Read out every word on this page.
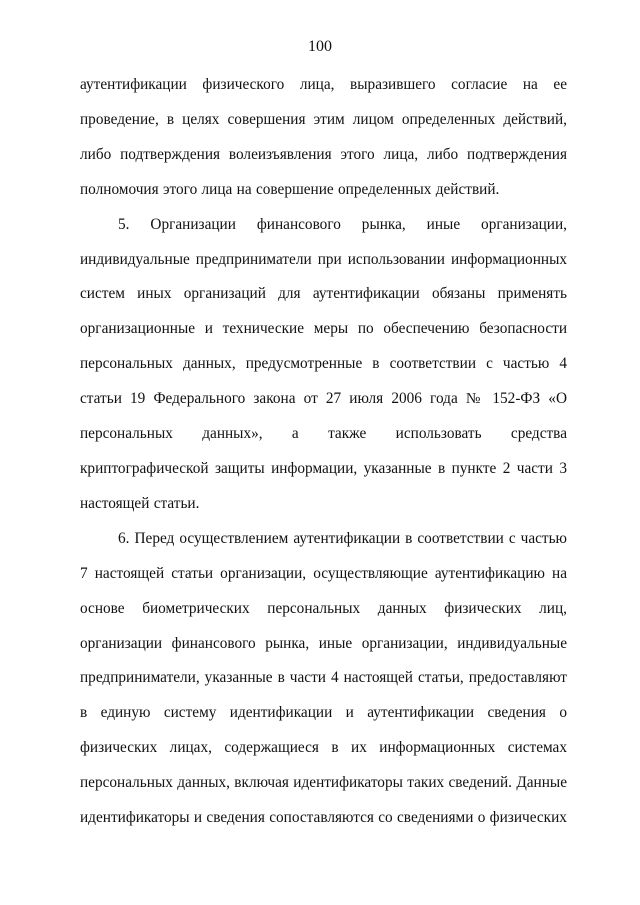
100

аутентификации физического лица, выразившего согласие на ее проведение, в целях совершения этим лицом определенных действий, либо подтверждения волеизъявления этого лица, либо подтверждения полномочия этого лица на совершение определенных действий.

5. Организации финансового рынка, иные организации, индивидуальные предприниматели при использовании информационных систем иных организаций для аутентификации обязаны применять организационные и технические меры по обеспечению безопасности персональных данных, предусмотренные в соответствии с частью 4 статьи 19 Федерального закона от 27 июля 2006 года № 152-ФЗ «О персональных данных», а также использовать средства криптографической защиты информации, указанные в пункте 2 части 3 настоящей статьи.

6. Перед осуществлением аутентификации в соответствии с частью 7 настоящей статьи организации, осуществляющие аутентификацию на основе биометрических персональных данных физических лиц, организации финансового рынка, иные организации, индивидуальные предприниматели, указанные в части 4 настоящей статьи, предоставляют в единую систему идентификации и аутентификации сведения о физических лицах, содержащиеся в их информационных системах персональных данных, включая идентификаторы таких сведений. Данные идентификаторы и сведения сопоставляются со сведениями о физических
